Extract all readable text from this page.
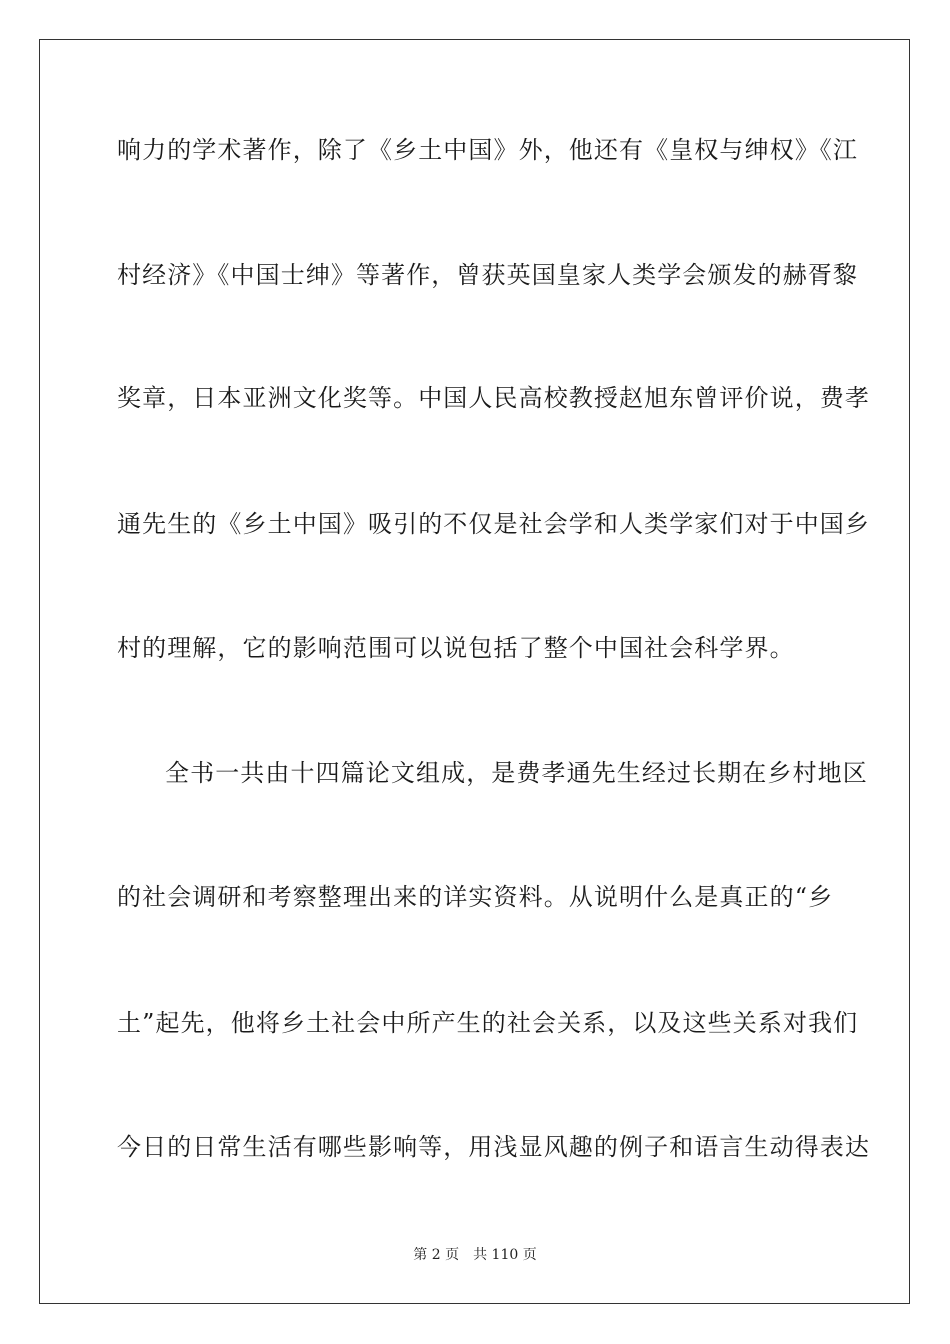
响力的学术著作，除了《乡土中国》外，他还有《皇权与绅权》《江
村经济》《中国士绅》等著作，曾获英国皇家人类学会颁发的赫胥黎
奖章，日本亚洲文化奖等。中国人民高校教授赵旭东曾评价说，费孝
通先生的《乡土中国》吸引的不仅是社会学和人类学家们对于中国乡
村的理解，它的影响范围可以说包括了整个中国社会科学界。
全书一共由十四篇论文组成，是费孝通先生经过长期在乡村地区
的社会调研和考察整理出来的详实资料。从说明什么是真正的“乡
土”起先，他将乡土社会中所产生的社会关系，以及这些关系对我们
今日的日常生活有哪些影响等，用浅显风趣的例子和语言生动得表达
第 2 页 共 110 页
